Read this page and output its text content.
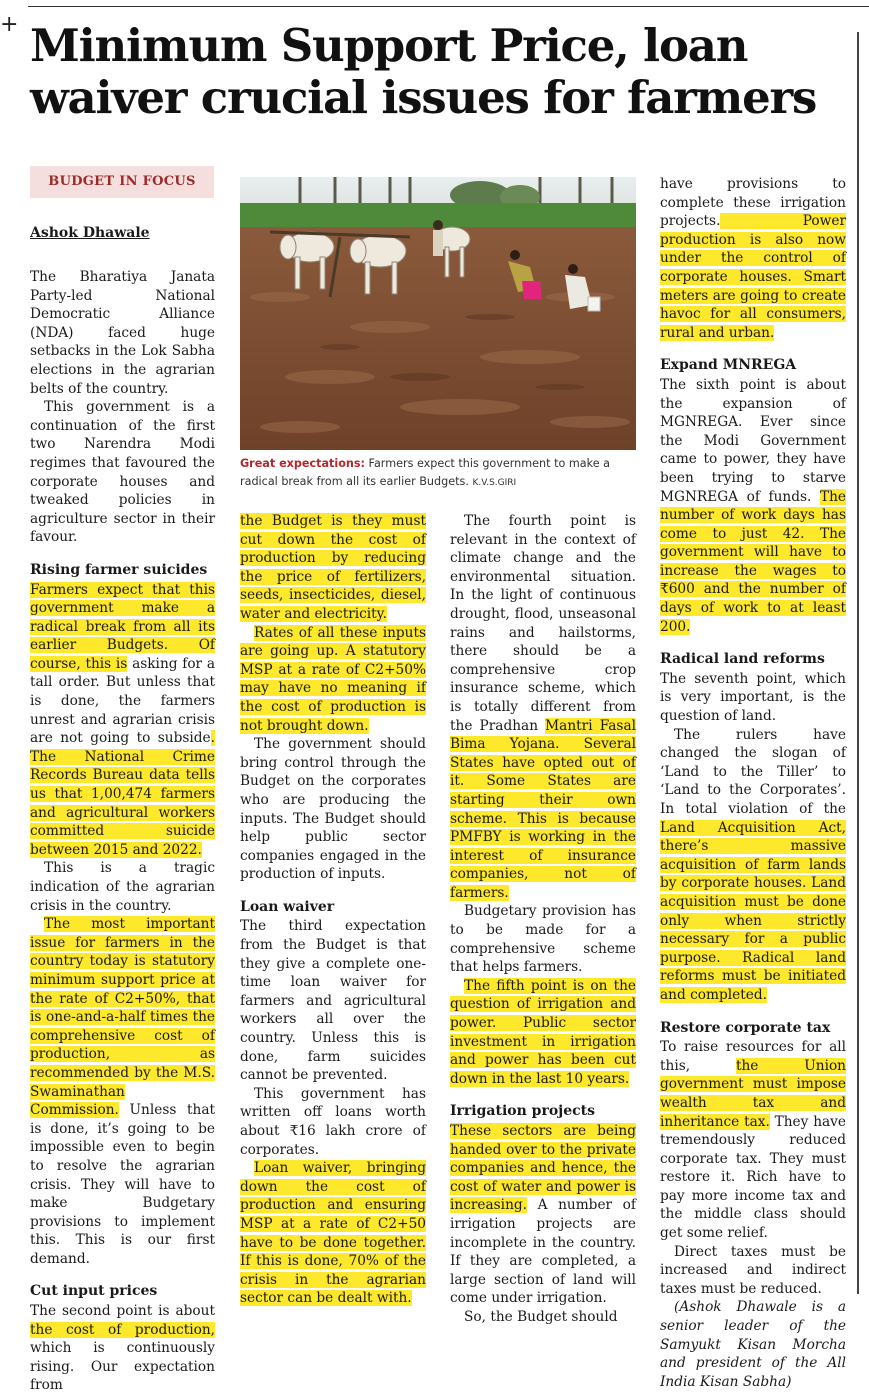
+ Minimum Support Price, loan waiver crucial issues for farmers
BUDGET IN FOCUS
Ashok Dhawale
Great expectations: Farmers expect this government to make a radical break from all its earlier Budgets. K.V.S.GIRI

The Bharatiya Janata Party-led National Democratic Alliance (NDA) faced huge setbacks in the Lok Sabha elections in the agrarian belts of the country.

This government is a continuation of the first two Narendra Modi regimes that favoured the corporate houses and tweaked policies in agriculture sector in their favour.

Rising farmer suicides

Farmers expect that this government make a radical break from all its earlier Budgets. Of course, this is asking for a tall order. But unless that is done, the farmers unrest and agrarian crisis are not going to subside. The National Crime Records Bureau data tells us that 1,00,474 farmers and agricultural workers committed suicide between 2015 and 2022.

This is a tragic indication of the agrarian crisis in the country.

The most important issue for farmers in the country today is statutory minimum support price at the rate of C2+50%, that is one-and-a-half times the comprehensive cost of production, as recommended by the M.S. Swaminathan Commission. Unless that is done, it’s going to be impossible even to begin to resolve the agrarian crisis. They will have to make Budgetary provisions to implement this. This is our first demand.

Cut input prices

The second point is about the cost of production, which is continuously rising. Our expectation from

the Budget is they must cut down the cost of production by reducing the price of fertilizers, seeds, insecticides, diesel, water and electricity.

Rates of all these inputs are going up. A statutory MSP at a rate of C2+50% may have no meaning if the cost of production is not brought down.

The government should bring control through the Budget on the corporates who are producing the inputs. The Budget should help public sector companies engaged in the production of inputs.

Loan waiver

The third expectation from the Budget is that they give a complete one-time loan waiver for farmers and agricultural workers all over the country. Unless this is done, farm suicides cannot be prevented.

This government has written off loans worth about ₹16 lakh crore of corporates.

Loan waiver, bringing down the cost of production and ensuring MSP at a rate of C2+50 have to be done together. If this is done, 70% of the crisis in the agrarian sector can be dealt with.

The fourth point is relevant in the context of climate change and the environmental situation. In the light of continuous drought, flood, unseasonal rains and hailstorms, there should be a comprehensive crop insurance scheme, which is totally different from the Pradhan Mantri Fasal Bima Yojana. Several States have opted out of it. Some States are starting their own scheme. This is because PMFBY is working in the interest of insurance companies, not of farmers.

Budgetary provision has to be made for a comprehensive scheme that helps farmers.

The fifth point is on the question of irrigation and power. Public sector investment in irrigation and power has been cut down in the last 10 years.

Irrigation projects

These sectors are being handed over to the private companies and hence, the cost of water and power is increasing. A number of irrigation projects are incomplete in the country. If they are completed, a large section of land will come under irrigation.

So, the Budget should

have provisions to complete these irrigation projects. Power production is also now under the control of corporate houses. Smart meters are going to create havoc for all consumers, rural and urban.

Expand MNREGA

The sixth point is about the expansion of MGNREGA. Ever since the Modi Government came to power, they have been trying to starve MGNREGA of funds. The number of work days has come to just 42. The government will have to increase the wages to ₹600 and the number of days of work to at least 200.

Radical land reforms

The seventh point, which is very important, is the question of land.

The rulers have changed the slogan of ‘Land to the Tiller’ to ‘Land to the Corporates’. In total violation of the Land Acquisition Act, there’s massive acquisition of farm lands by corporate houses. Land acquisition must be done only when strictly necessary for a public purpose. Radical land reforms must be initiated and completed.

Restore corporate tax

To raise resources for all this, the Union government must impose wealth tax and inheritance tax. They have tremendously reduced corporate tax. They must restore it. Rich have to pay more income tax and the middle class should get some relief.

Direct taxes must be increased and indirect taxes must be reduced.

(Ashok Dhawale is a senior leader of the Samyukt Kisan Morcha and president of the All India Kisan Sabha)
